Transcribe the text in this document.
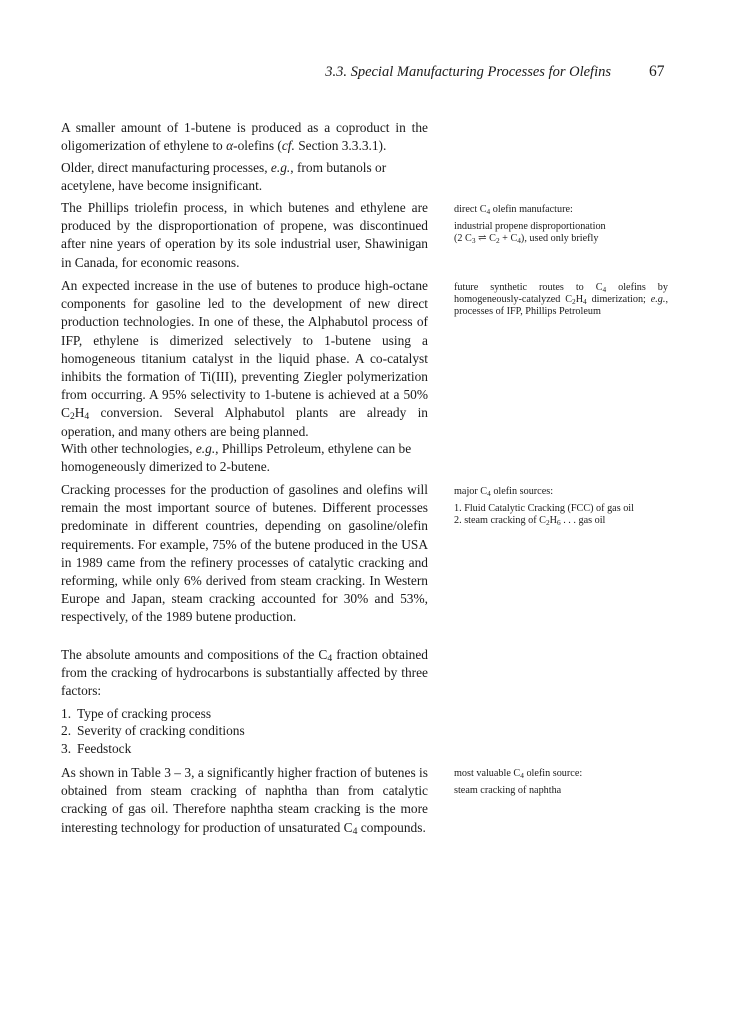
3.3. Special Manufacturing Processes for Olefins 67

A smaller amount of 1-butene is produced as a coproduct in the oligomerization of ethylene to α-olefins (cf. Section 3.3.3.1).

Older, direct manufacturing processes, e.g., from butanols or acetylene, have become insignificant.

The Phillips triolefin process, in which butenes and ethylene are produced by the disproportionation of propene, was discontinued after nine years of operation by its sole industrial user, Shawinigan in Canada, for economic reasons.

An expected increase in the use of butenes to produce high-octane components for gasoline led to the development of new direct production technologies. In one of these, the Alphabutol process of IFP, ethylene is dimerized selectively to 1-butene using a homogeneous titanium catalyst in the liquid phase. A co-catalyst inhibits the formation of Ti(III), preventing Ziegler polymerization from occurring. A 95% selectivity to 1-butene is achieved at a 50% $C_2H_4$ conversion. Several Alphabutol plants are already in operation, and many others are being planned.

With other technologies, e.g., Phillips Petroleum, ethylene can be homogeneously dimerized to 2-butene.

Cracking processes for the production of gasolines and olefins will remain the most important source of butenes. Different processes predominate in different countries, depending on gasoline/olefin requirements. For example, 75% of the butene produced in the USA in 1989 came from the refinery processes of catalytic cracking and reforming, while only 6% derived from steam cracking. In Western Europe and Japan, steam cracking accounted for 30% and 53%, respectively, of the 1989 butene production.

The absolute amounts and compositions of the $C_4$ fraction obtained from the cracking of hydrocarbons is substantially affected by three factors:

1. Type of cracking process
2. Severity of cracking conditions
3. Feedstock

As shown in Table 3 – 3, a significantly higher fraction of butenes is obtained from steam cracking of naphtha than from catalytic cracking of gas oil. Therefore naphtha steam cracking is the more interesting technology for production of unsaturated $C_4$ compounds.

direct $C_4$ olefin manufacture:
industrial propene disproportionation
(2 $C_3$ ⇌ $C_2 + C_4$), used only briefly
future synthetic routes to $C_4$ olefins by homogeneously-catalyzed $C_2H_4$ dimerization; e.g., processes of IFP, Phillips Petroleum
major $C_4$ olefin sources:
1. Fluid Catalytic Cracking (FCC) of gas oil
2. steam cracking of $C_2H_6$ . . . gas oil
most valuable $C_4$ olefin source:
steam cracking of naphtha
